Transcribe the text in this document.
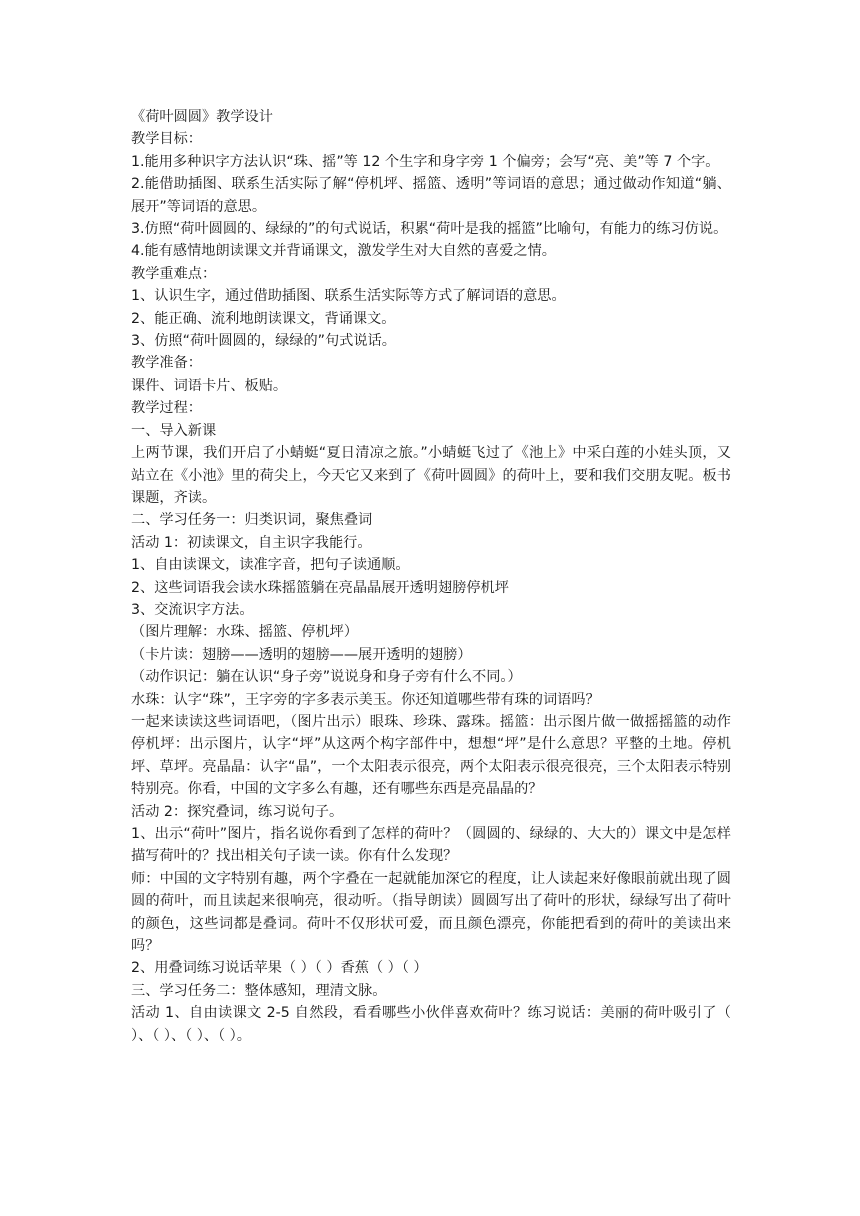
《荷叶圆圆》教学设计

教学目标：

1.能用多种识字方法认识“珠、摇”等 12 个生字和身字旁 1 个偏旁；会写“亮、美”等 7 个字。

2.能借助插图、联系生活实际了解“停机坪、摇篮、透明”等词语的意思；通过做动作知道“躺、展开”等词语的意思。

3.仿照“荷叶圆圆的、绿绿的”的句式说话，积累“荷叶是我的摇篮”比喻句，有能力的练习仿说。

4.能有感情地朗读课文并背诵课文，激发学生对大自然的喜爱之情。

教学重难点：

1、认识生字，通过借助插图、联系生活实际等方式了解词语的意思。

2、能正确、流利地朗读课文，背诵课文。

3、仿照“荷叶圆圆的，绿绿的”句式说话。

教学准备：

课件、词语卡片、板贴。

教学过程：

一、导入新课

上两节课，我们开启了小蜻蜓“夏日清凉之旅。”小蜻蜓飞过了《池上》中采白莲的小娃头顶，又站立在《小池》里的荷尖上，今天它又来到了《荷叶圆圆》的荷叶上，要和我们交朋友呢。板书课题，齐读。

二、学习任务一：归类识词，聚焦叠词

活动 1：初读课文，自主识字我能行。

1、自由读课文，读准字音，把句子读通顺。

2、这些词语我会读水珠摇篮躺在亮晶晶展开透明翅膀停机坪

3、交流识字方法。

（图片理解：水珠、摇篮、停机坪）

（卡片读：翅膀——透明的翅膀——展开透明的翅膀）

（动作识记：躺在认识“身子旁”说说身和身子旁有什么不同。）

水珠：认字“珠”，王字旁的字多表示美玉。你还知道哪些带有珠的词语吗？

一起来读读这些词语吧，（图片出示）眼珠、珍珠、露珠。摇篮：出示图片做一做摇摇篮的动作停机坪：出示图片，认字“坪”从这两个构字部件中，想想“坪”是什么意思？平整的土地。停机坪、草坪。亮晶晶：认字“晶”，一个太阳表示很亮，两个太阳表示很亮很亮，三个太阳表示特别特别亮。你看，中国的文字多么有趣，还有哪些东西是亮晶晶的？

活动 2：探究叠词，练习说句子。

1、出示“荷叶”图片，指名说你看到了怎样的荷叶？（圆圆的、绿绿的、大大的）课文中是怎样描写荷叶的？找出相关句子读一读。你有什么发现？

师：中国的文字特别有趣，两个字叠在一起就能加深它的程度，让人读起来好像眼前就出现了圆圆的荷叶，而且读起来很响亮，很动听。（指导朗读）圆圆写出了荷叶的形状，绿绿写出了荷叶的颜色，这些词都是叠词。荷叶不仅形状可爱，而且颜色漂亮，你能把看到的荷叶的美读出来吗？

2、用叠词练习说话苹果（ ）（ ）香蕉（ ）（ ）

三、学习任务二：整体感知，理清文脉。

活动 1、自由读课文 2-5 自然段，看看哪些小伙伴喜欢荷叶？练习说话：美丽的荷叶吸引了（ ）、（ ）、（ ）、（ ）。
